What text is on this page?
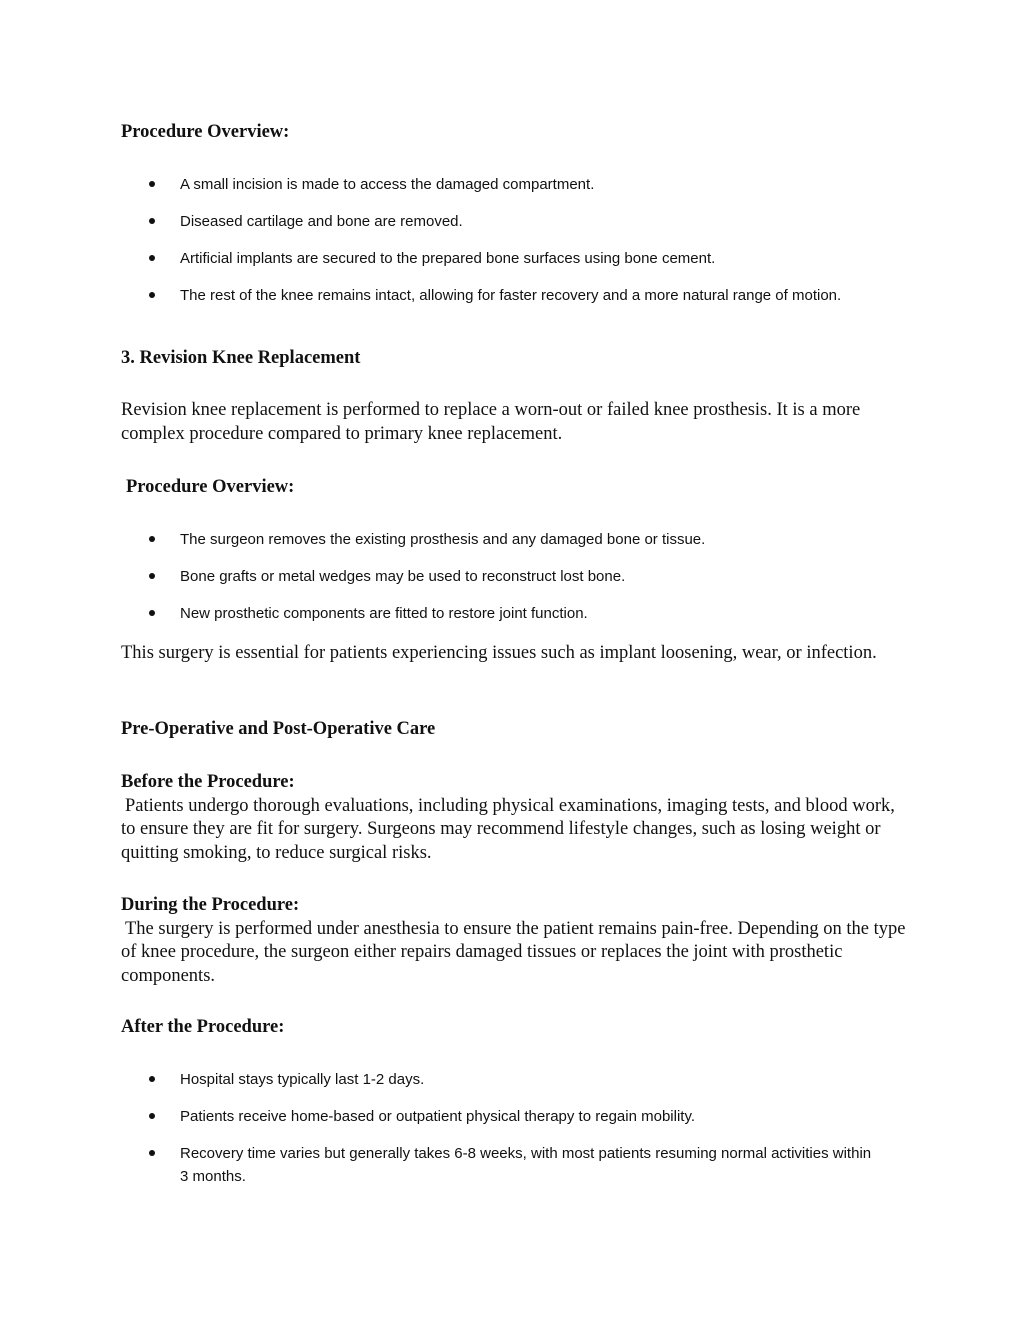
Procedure Overview:
A small incision is made to access the damaged compartment.
Diseased cartilage and bone are removed.
Artificial implants are secured to the prepared bone surfaces using bone cement.
The rest of the knee remains intact, allowing for faster recovery and a more natural range of motion.
3. Revision Knee Replacement
Revision knee replacement is performed to replace a worn-out or failed knee prosthesis. It is a more complex procedure compared to primary knee replacement.
Procedure Overview:
The surgeon removes the existing prosthesis and any damaged bone or tissue.
Bone grafts or metal wedges may be used to reconstruct lost bone.
New prosthetic components are fitted to restore joint function.
This surgery is essential for patients experiencing issues such as implant loosening, wear, or infection.
Pre-Operative and Post-Operative Care
Before the Procedure:
Patients undergo thorough evaluations, including physical examinations, imaging tests, and blood work, to ensure they are fit for surgery. Surgeons may recommend lifestyle changes, such as losing weight or quitting smoking, to reduce surgical risks.
During the Procedure:
The surgery is performed under anesthesia to ensure the patient remains pain-free. Depending on the type of knee procedure, the surgeon either repairs damaged tissues or replaces the joint with prosthetic components.
After the Procedure:
Hospital stays typically last 1-2 days.
Patients receive home-based or outpatient physical therapy to regain mobility.
Recovery time varies but generally takes 6-8 weeks, with most patients resuming normal activities within 3 months.
